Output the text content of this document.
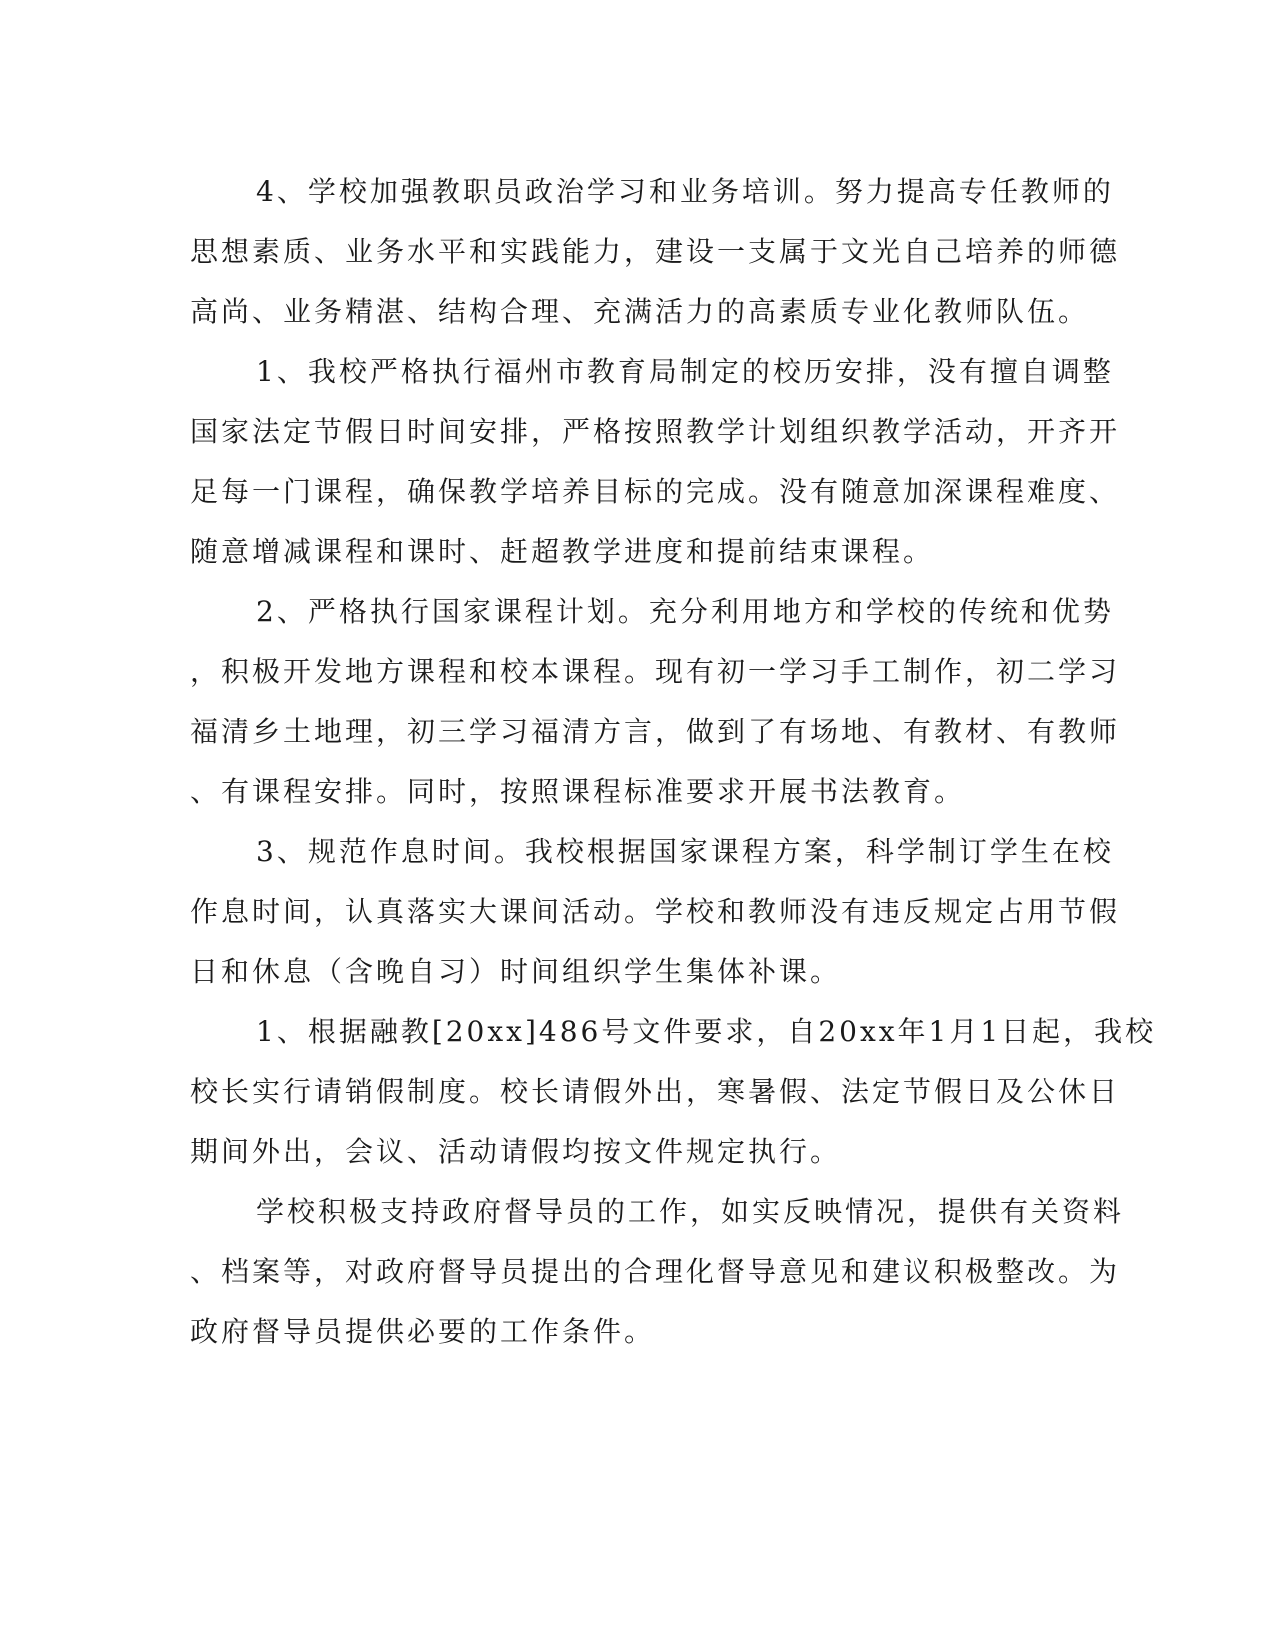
4、学校加强教职员政治学习和业务培训。努力提高专任教师的
思想素质、业务水平和实践能力，建设一支属于文光自己培养的师德
高尚、业务精湛、结构合理、充满活力的高素质专业化教师队伍。
1、我校严格执行福州市教育局制定的校历安排，没有擅自调整
国家法定节假日时间安排，严格按照教学计划组织教学活动，开齐开
足每一门课程，确保教学培养目标的完成。没有随意加深课程难度、
随意增减课程和课时、赶超教学进度和提前结束课程。
2、严格执行国家课程计划。充分利用地方和学校的传统和优势
，积极开发地方课程和校本课程。现有初一学习手工制作，初二学习
福清乡土地理，初三学习福清方言，做到了有场地、有教材、有教师
、有课程安排。同时，按照课程标准要求开展书法教育。
3、规范作息时间。我校根据国家课程方案，科学制订学生在校
作息时间，认真落实大课间活动。学校和教师没有违反规定占用节假
日和休息（含晚自习）时间组织学生集体补课。
1、根据融教[20xx]486号文件要求，自20xx年1月1日起，我校
校长实行请销假制度。校长请假外出，寒暑假、法定节假日及公休日
期间外出，会议、活动请假均按文件规定执行。
学校积极支持政府督导员的工作，如实反映情况，提供有关资料
、档案等，对政府督导员提出的合理化督导意见和建议积极整改。为
政府督导员提供必要的工作条件。
